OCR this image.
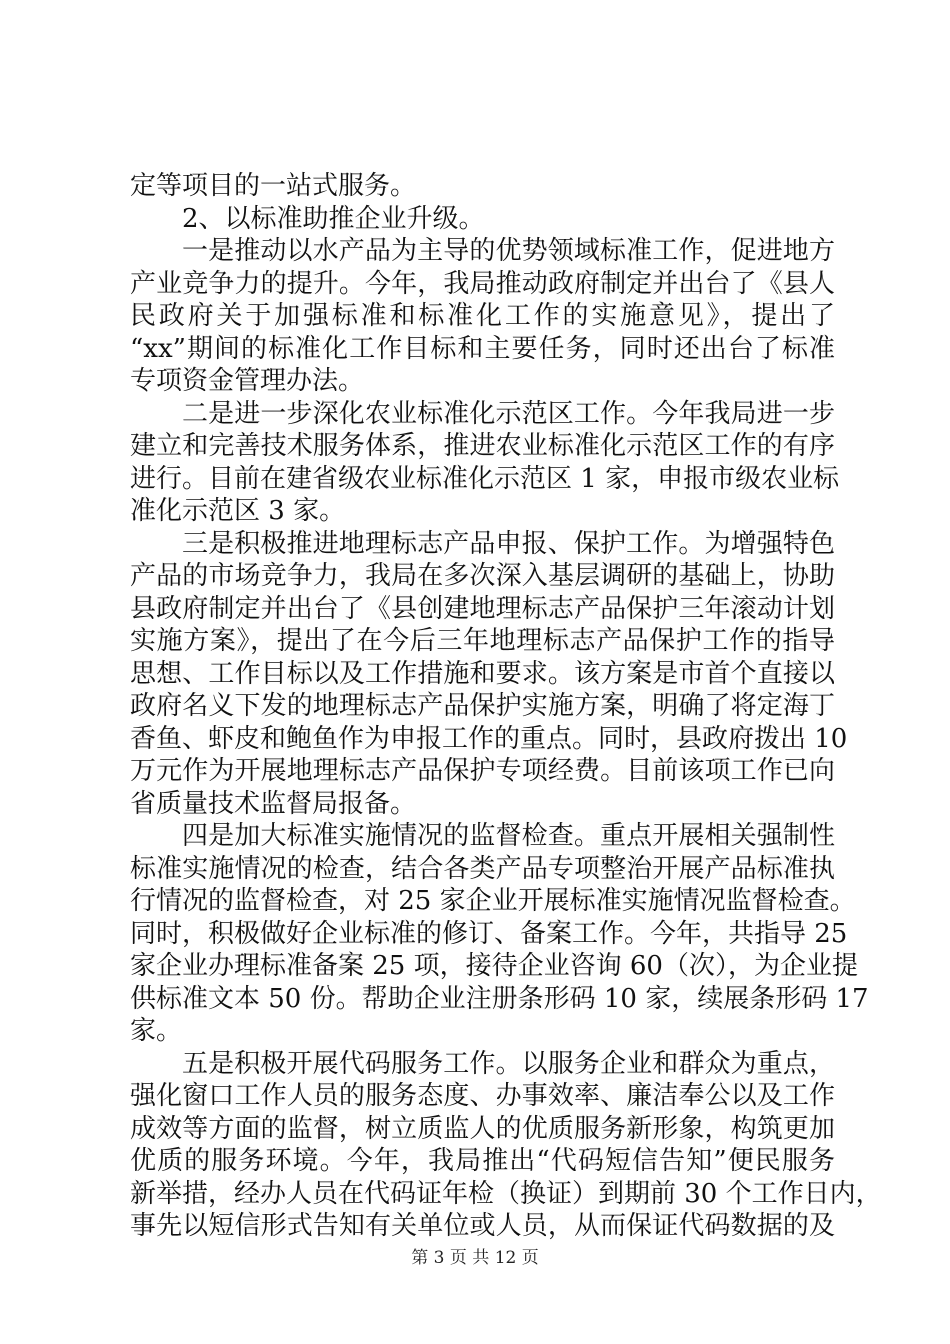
定等项目的一站式服务。
2、以标准助推企业升级。
一是推动以水产品为主导的优势领域标准工作，促进地方
产业竞争力的提升。今年，我局推动政府制定并出台了《县人
民政府关于加强标准和标准化工作的实施意见》，提出了
“xx”期间的标准化工作目标和主要任务，同时还出台了标准
专项资金管理办法。
二是进一步深化农业标准化示范区工作。今年我局进一步
建立和完善技术服务体系，推进农业标准化示范区工作的有序
进行。目前在建省级农业标准化示范区 1 家，申报市级农业标
准化示范区 3 家。
三是积极推进地理标志产品申报、保护工作。为增强特色
产品的市场竞争力，我局在多次深入基层调研的基础上，协助
县政府制定并出台了《县创建地理标志产品保护三年滚动计划
实施方案》，提出了在今后三年地理标志产品保护工作的指导
思想、工作目标以及工作措施和要求。该方案是市首个直接以
政府名义下发的地理标志产品保护实施方案，明确了将定海丁
香鱼、虾皮和鲍鱼作为申报工作的重点。同时，县政府拨出 10
万元作为开展地理标志产品保护专项经费。目前该项工作已向
省质量技术监督局报备。
四是加大标准实施情况的监督检查。重点开展相关强制性
标准实施情况的检查，结合各类产品专项整治开展产品标准执
行情况的监督检查，对 25 家企业开展标准实施情况监督检查。
同时，积极做好企业标准的修订、备案工作。今年，共指导 25
家企业办理标准备案 25 项，接待企业咨询 60（次），为企业提
供标准文本 50 份。帮助企业注册条形码 10 家，续展条形码 17
家。
五是积极开展代码服务工作。以服务企业和群众为重点，
强化窗口工作人员的服务态度、办事效率、廉洁奉公以及工作
成效等方面的监督，树立质监人的优质服务新形象，构筑更加
优质的服务环境。今年，我局推出“代码短信告知”便民服务
新举措，经办人员在代码证年检（换证）到期前 30 个工作日内，
事先以短信形式告知有关单位或人员，从而保证代码数据的及
第 3 页 共 12 页
